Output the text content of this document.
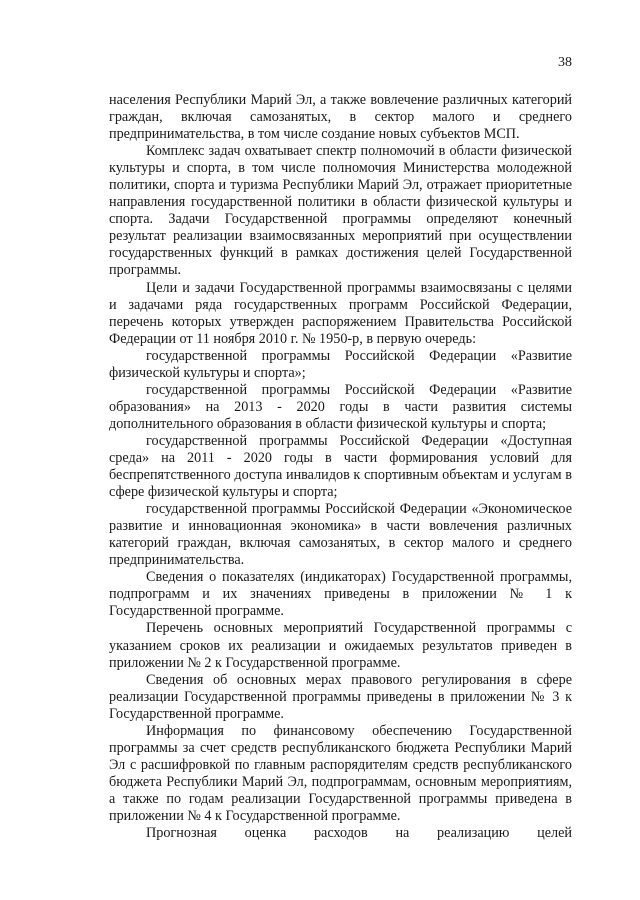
38

населения Республики Марий Эл, а также вовлечение различных категорий граждан, включая самозанятых, в сектор малого и среднего предпринимательства, в том числе создание новых субъектов МСП.

Комплекс задач охватывает спектр полномочий в области физической культуры и спорта, в том числе полномочия Министерства молодежной политики, спорта и туризма Республики Марий Эл, отражает приоритетные направления государственной политики в области физической культуры и спорта. Задачи Государственной программы определяют конечный результат реализации взаимосвязанных мероприятий при осуществлении государственных функций в рамках достижения целей Государственной программы.

Цели и задачи Государственной программы взаимосвязаны с целями и задачами ряда государственных программ Российской Федерации, перечень которых утвержден распоряжением Правительства Российской Федерации от 11 ноября 2010 г. № 1950-р, в первую очередь:

государственной программы Российской Федерации «Развитие физической культуры и спорта»;

государственной программы Российской Федерации «Развитие образования» на 2013 - 2020 годы в части развития системы дополнительного образования в области физической культуры и спорта;

государственной программы Российской Федерации «Доступная среда» на 2011 - 2020 годы в части формирования условий для беспрепятственного доступа инвалидов к спортивным объектам и услугам в сфере физической культуры и спорта;

государственной программы Российской Федерации «Экономическое развитие и инновационная экономика» в части вовлечения различных категорий граждан, включая самозанятых, в сектор малого и среднего предпринимательства.

Сведения о показателях (индикаторах) Государственной программы, подпрограмм и их значениях приведены в приложении № 1 к Государственной программе.

Перечень основных мероприятий Государственной программы с указанием сроков их реализации и ожидаемых результатов приведен в приложении № 2 к Государственной программе.

Сведения об основных мерах правового регулирования в сфере реализации Государственной программы приведены в приложении № 3 к Государственной программе.

Информация по финансовому обеспечению Государственной программы за счет средств республиканского бюджета Республики Марий Эл с расшифровкой по главным распорядителям средств республиканского бюджета Республики Марий Эл, подпрограммам, основным мероприятиям, а также по годам реализации Государственной программы приведена в приложении № 4 к Государственной программе.

Прогнозная оценка расходов на реализацию целей
